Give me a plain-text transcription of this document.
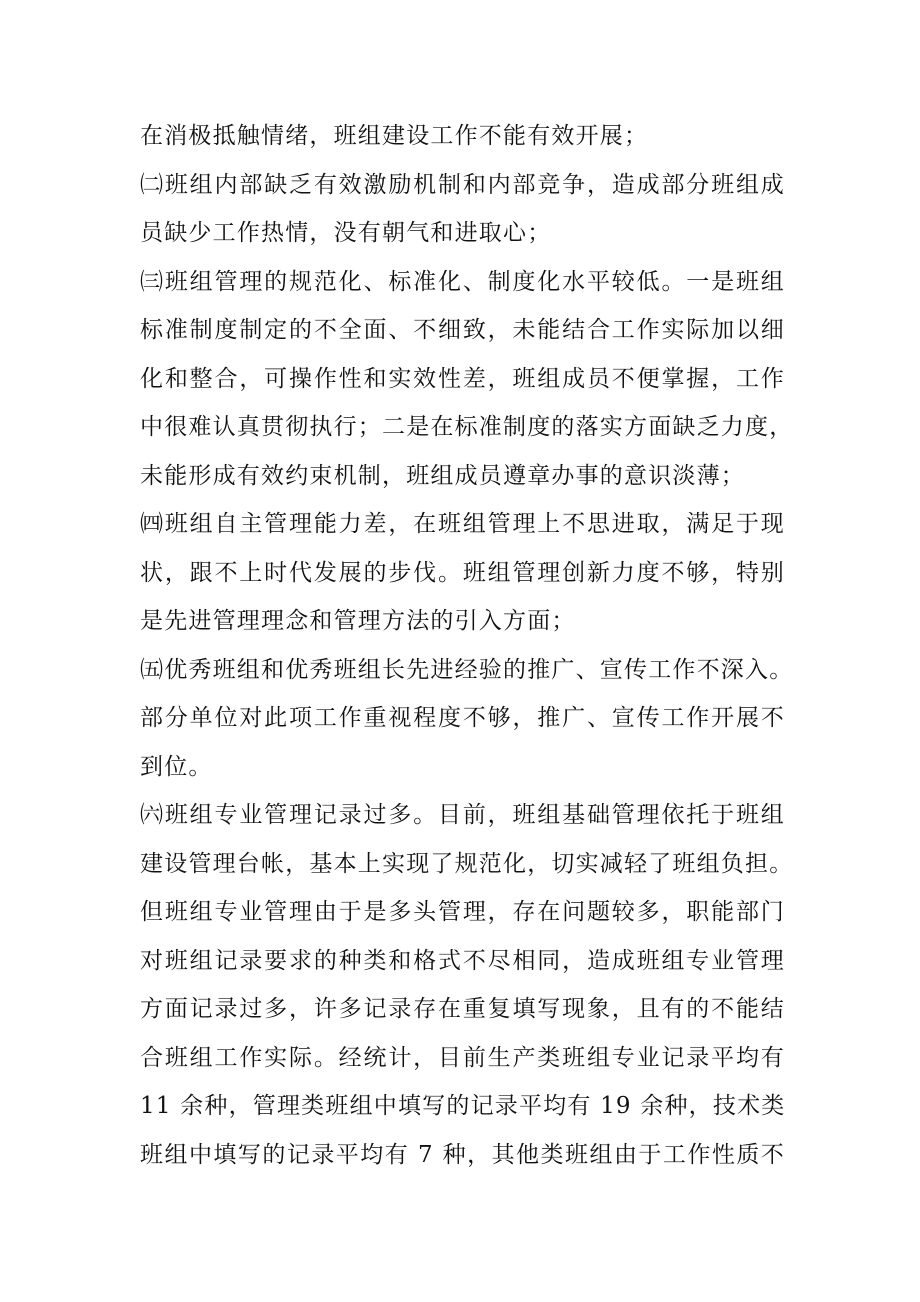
在消极抵触情绪，班组建设工作不能有效开展；
㈡班组内部缺乏有效激励机制和内部竞争，造成部分班组成
员缺少工作热情，没有朝气和进取心；
㈢班组管理的规范化、标准化、制度化水平较低。一是班组
标准制度制定的不全面、不细致，未能结合工作实际加以细
化和整合，可操作性和实效性差，班组成员不便掌握，工作
中很难认真贯彻执行；二是在标准制度的落实方面缺乏力度，
未能形成有效约束机制，班组成员遵章办事的意识淡薄；
㈣班组自主管理能力差，在班组管理上不思进取，满足于现
状，跟不上时代发展的步伐。班组管理创新力度不够，特别
是先进管理理念和管理方法的引入方面；
㈤优秀班组和优秀班组长先进经验的推广、宣传工作不深入。
部分单位对此项工作重视程度不够，推广、宣传工作开展不
到位。
㈥班组专业管理记录过多。目前，班组基础管理依托于班组
建设管理台帐，基本上实现了规范化，切实减轻了班组负担。
但班组专业管理由于是多头管理，存在问题较多，职能部门
对班组记录要求的种类和格式不尽相同，造成班组专业管理
方面记录过多，许多记录存在重复填写现象，且有的不能结
合班组工作实际。经统计，目前生产类班组专业记录平均有
11 余种，管理类班组中填写的记录平均有 19 余种，技术类
班组中填写的记录平均有 7 种，其他类班组由于工作性质不
